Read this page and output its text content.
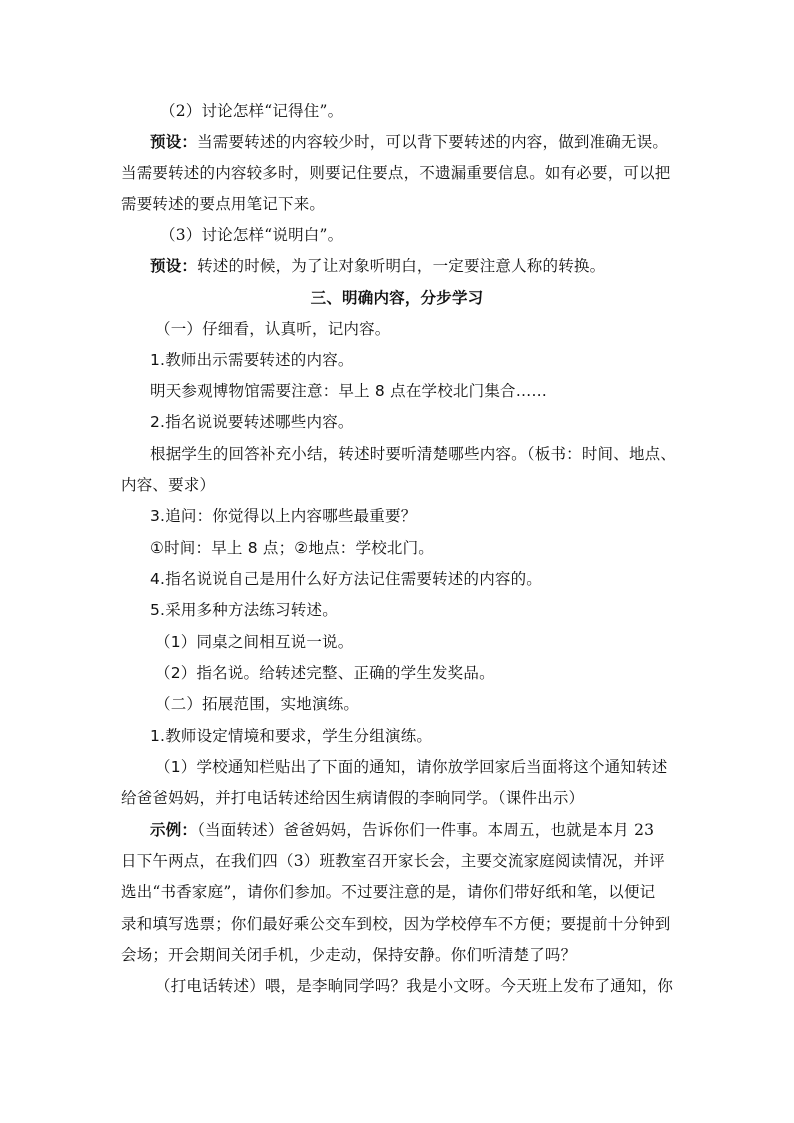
（2）讨论怎样“记得住”。
预设：当需要转述的内容较少时，可以背下要转述的内容，做到准确无误。
当需要转述的内容较多时，则要记住要点，不遗漏重要信息。如有必要，可以把
需要转述的要点用笔记下来。
（3）讨论怎样“说明白”。
预设：转述的时候，为了让对象听明白，一定要注意人称的转换。
三、明确内容，分步学习
（一）仔细看，认真听，记内容。
1.教师出示需要转述的内容。
明天参观博物馆需要注意：早上 8 点在学校北门集合……
2.指名说说要转述哪些内容。
根据学生的回答补充小结，转述时要听清楚哪些内容。（板书：时间、地点、
内容、要求）
3.追问：你觉得以上内容哪些最重要？
①时间：早上 8 点；②地点：学校北门。
4.指名说说自己是用什么好方法记住需要转述的内容的。
5.采用多种方法练习转述。
（1）同桌之间相互说一说。
（2）指名说。给转述完整、正确的学生发奖品。
（二）拓展范围，实地演练。
1.教师设定情境和要求，学生分组演练。
（1）学校通知栏贴出了下面的通知，请你放学回家后当面将这个通知转述
给爸爸妈妈，并打电话转述给因生病请假的李晌同学。（课件出示）
示例：（当面转述）爸爸妈妈，告诉你们一件事。本周五，也就是本月 23
日下午两点，在我们四（3）班教室召开家长会，主要交流家庭阅读情况，并评
选出“书香家庭”，请你们参加。不过要注意的是，请你们带好纸和笔，以便记
录和填写选票；你们最好乘公交车到校，因为学校停车不方便；要提前十分钟到
会场；开会期间关闭手机，少走动，保持安静。你们听清楚了吗？
（打电话转述）喂，是李晌同学吗？我是小文呀。今天班上发布了通知，你
